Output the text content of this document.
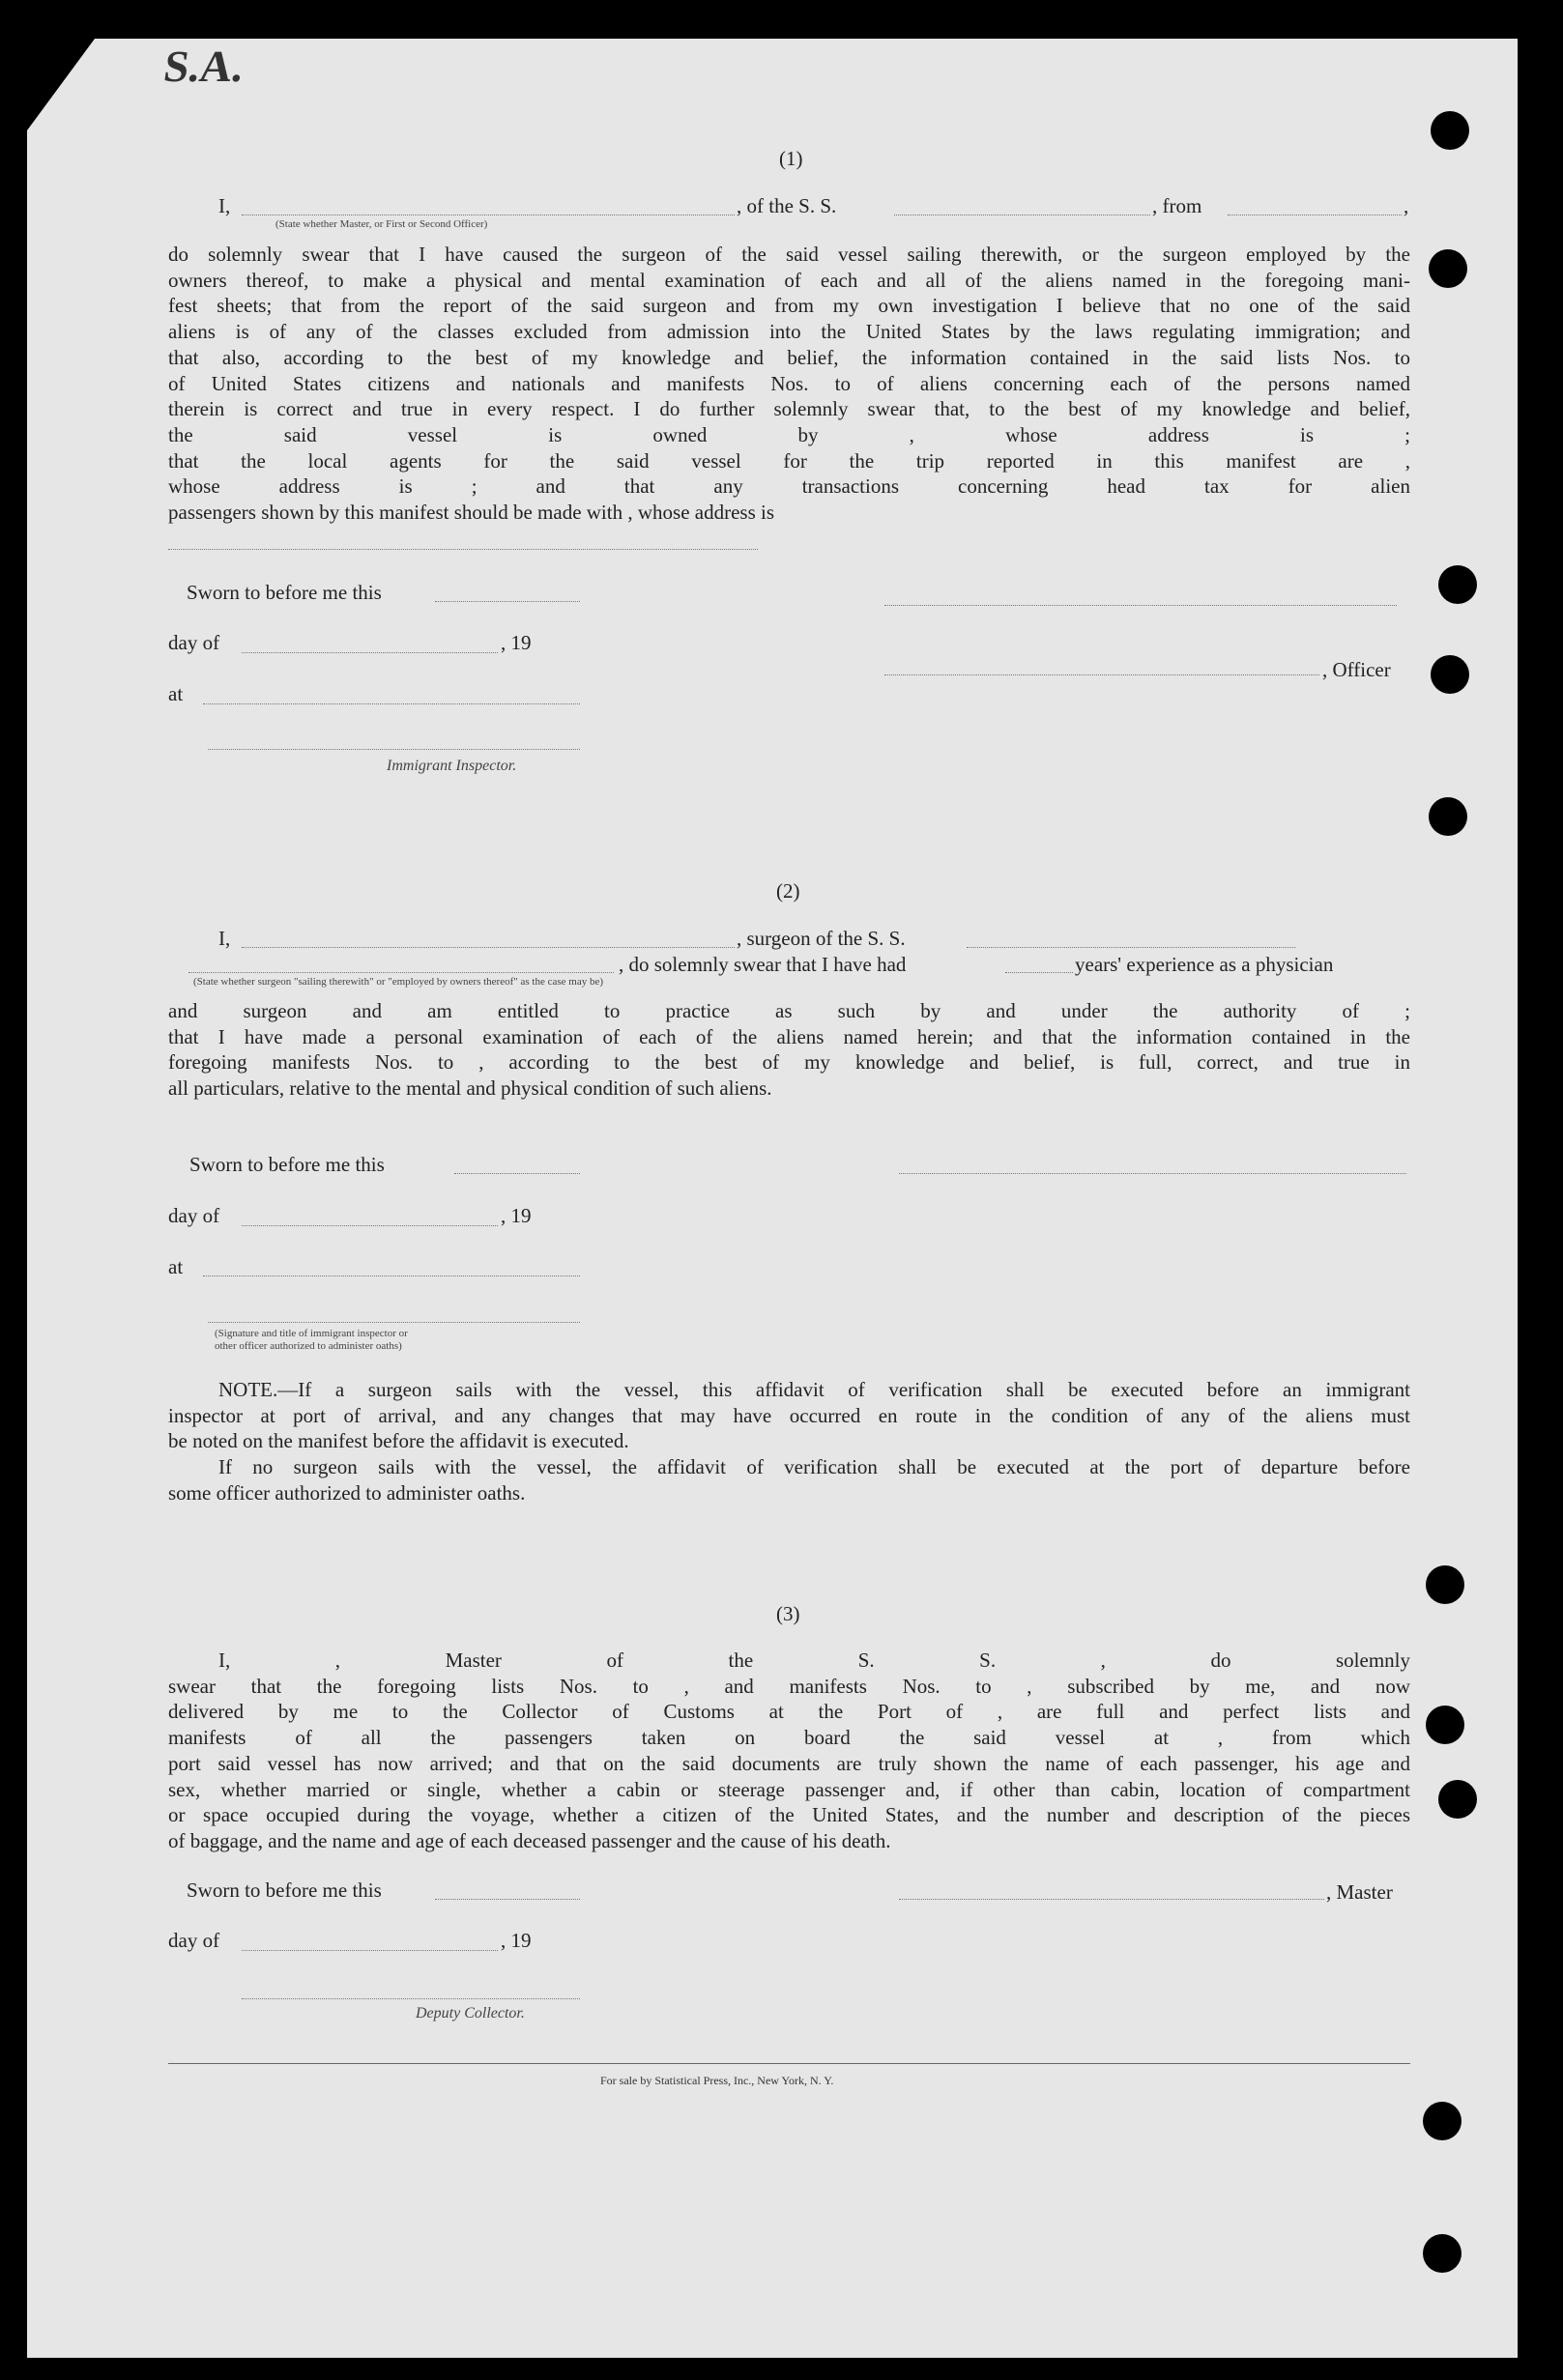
S.A.
(1)
I,	, of the S. S.	, from	,
(State whether Master, or First or Second Officer)
do solemnly swear that I have caused the surgeon of the said vessel sailing therewith, or the surgeon employed by the
owners thereof, to make a physical and mental examination of each and all of the aliens named in the foregoing mani-
fest sheets; that from the report of the said surgeon and from my own investigation I believe that no one of the said
aliens is of any of the classes excluded from admission into the United States by the laws regulating immigration; and
that also, according to the best of my knowledge and belief, the information contained in the said lists Nos. to
of United States citizens and nationals and manifests Nos. to of aliens concerning each of the persons named
therein is correct and true in every respect. I do further solemnly swear that, to the best of my knowledge and belief,
the said vessel is owned by , whose address is ;
that the local agents for the said vessel for the trip reported in this manifest are ,
whose address is ; and that any transactions concerning head tax for alien
passengers shown by this manifest should be made with , whose address is
Sworn to before me this
day of	, 19
, Officer
at
Immigrant Inspector.
(2)
I,	, surgeon of the S. S.
, do solemnly swear that I have had	years' experience as a physician
(State whether surgeon "sailing therewith" or "employed by owners thereof" as the case may be)
and surgeon and am entitled to practice as such by and under the authority of ;
that I have made a personal examination of each of the aliens named herein; and that the information contained in the
foregoing manifests Nos. to , according to the best of my knowledge and belief, is full, correct, and true in
all particulars, relative to the mental and physical condition of such aliens.
Sworn to before me this
day of	, 19
at
(Signature and title of immigrant inspector or
other officer authorized to administer oaths)
NOTE.—If a surgeon sails with the vessel, this affidavit of verification shall be executed before an immigrant
inspector at port of arrival, and any changes that may have occurred en route in the condition of any of the aliens must
be noted on the manifest before the affidavit is executed.
If no surgeon sails with the vessel, the affidavit of verification shall be executed at the port of departure before
some officer authorized to administer oaths.
(3)
I, , Master of the S. S. , do solemnly
swear that the foregoing lists Nos. to , and manifests Nos. to , subscribed by me, and now
delivered by me to the Collector of Customs at the Port of , are full and perfect lists and
manifests of all the passengers taken on board the said vessel at , from which
port said vessel has now arrived; and that on the said documents are truly shown the name of each passenger, his age and
sex, whether married or single, whether a cabin or steerage passenger and, if other than cabin, location of compartment
or space occupied during the voyage, whether a citizen of the United States, and the number and description of the pieces
of baggage, and the name and age of each deceased passenger and the cause of his death.
Sworn to before me this	, Master
day of	, 19
Deputy Collector.
For sale by Statistical Press, Inc., New York, N. Y.
